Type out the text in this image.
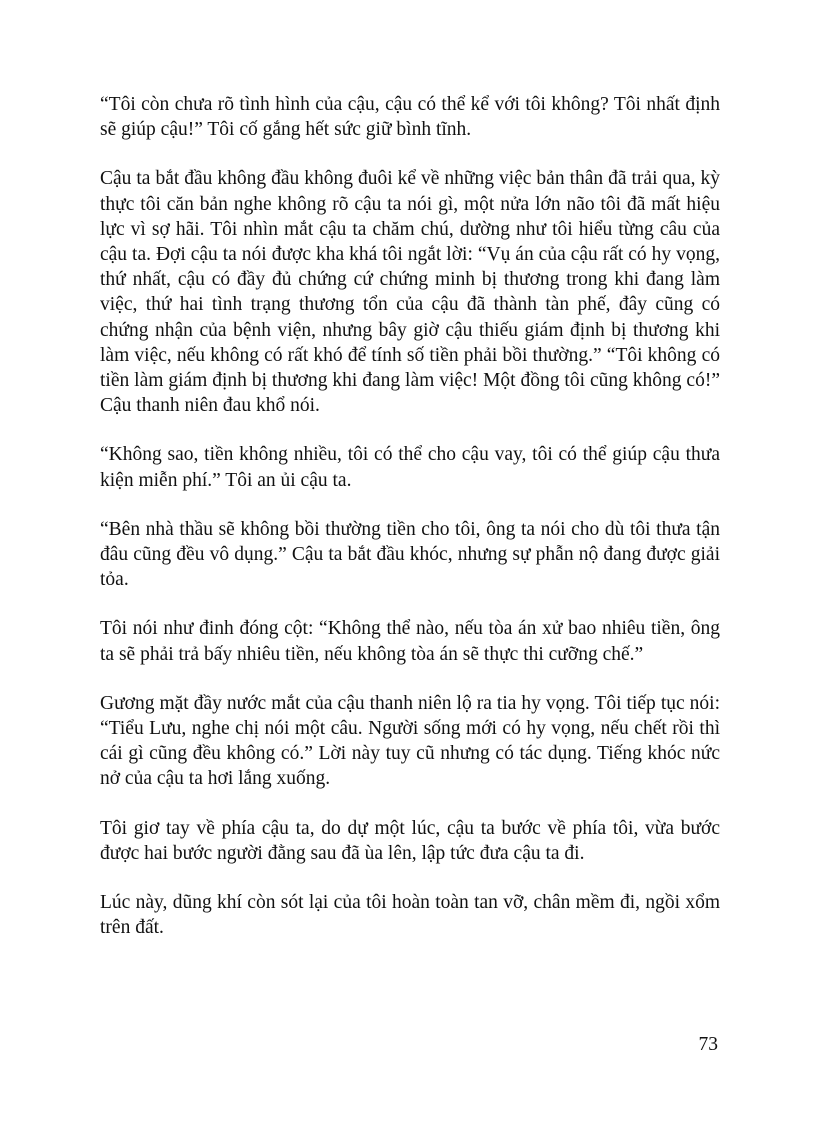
“Tôi còn chưa rõ tình hình của cậu, cậu có thể kể với tôi không? Tôi nhất định sẽ giúp cậu!” Tôi cố gắng hết sức giữ bình tĩnh.

Cậu ta bắt đầu không đầu không đuôi kể về những việc bản thân đã trải qua, kỳ thực tôi căn bản nghe không rõ cậu ta nói gì, một nửa lớn não tôi đã mất hiệu lực vì sợ hãi. Tôi nhìn mắt cậu ta chăm chú, dường như tôi hiểu từng câu của cậu ta. Đợi cậu ta nói được kha khá tôi ngắt lời: “Vụ án của cậu rất có hy vọng, thứ nhất, cậu có đầy đủ chứng cứ chứng minh bị thương trong khi đang làm việc, thứ hai tình trạng thương tổn của cậu đã thành tàn phế, đây cũng có chứng nhận của bệnh viện, nhưng bây giờ cậu thiếu giám định bị thương khi làm việc, nếu không có rất khó để tính số tiền phải bồi thường.” “Tôi không có tiền làm giám định bị thương khi đang làm việc! Một đồng tôi cũng không có!” Cậu thanh niên đau khổ nói.

“Không sao, tiền không nhiều, tôi có thể cho cậu vay, tôi có thể giúp cậu thưa kiện miễn phí.” Tôi an ủi cậu ta.

“Bên nhà thầu sẽ không bồi thường tiền cho tôi, ông ta nói cho dù tôi thưa tận đâu cũng đều vô dụng.” Cậu ta bắt đầu khóc, nhưng sự phẫn nộ đang được giải tỏa.

Tôi nói như đinh đóng cột: “Không thể nào, nếu tòa án xử bao nhiêu tiền, ông ta sẽ phải trả bấy nhiêu tiền, nếu không tòa án sẽ thực thi cưỡng chế.”

Gương mặt đầy nước mắt của cậu thanh niên lộ ra tia hy vọng. Tôi tiếp tục nói: “Tiểu Lưu, nghe chị nói một câu. Người sống mới có hy vọng, nếu chết rồi thì cái gì cũng đều không có.” Lời này tuy cũ nhưng có tác dụng. Tiếng khóc nức nở của cậu ta hơi lắng xuống.

Tôi giơ tay về phía cậu ta, do dự một lúc, cậu ta bước về phía tôi, vừa bước được hai bước người đằng sau đã ùa lên, lập tức đưa cậu ta đi.

Lúc này, dũng khí còn sót lại của tôi hoàn toàn tan vỡ, chân mềm đi, ngồi xổm trên đất.

73
